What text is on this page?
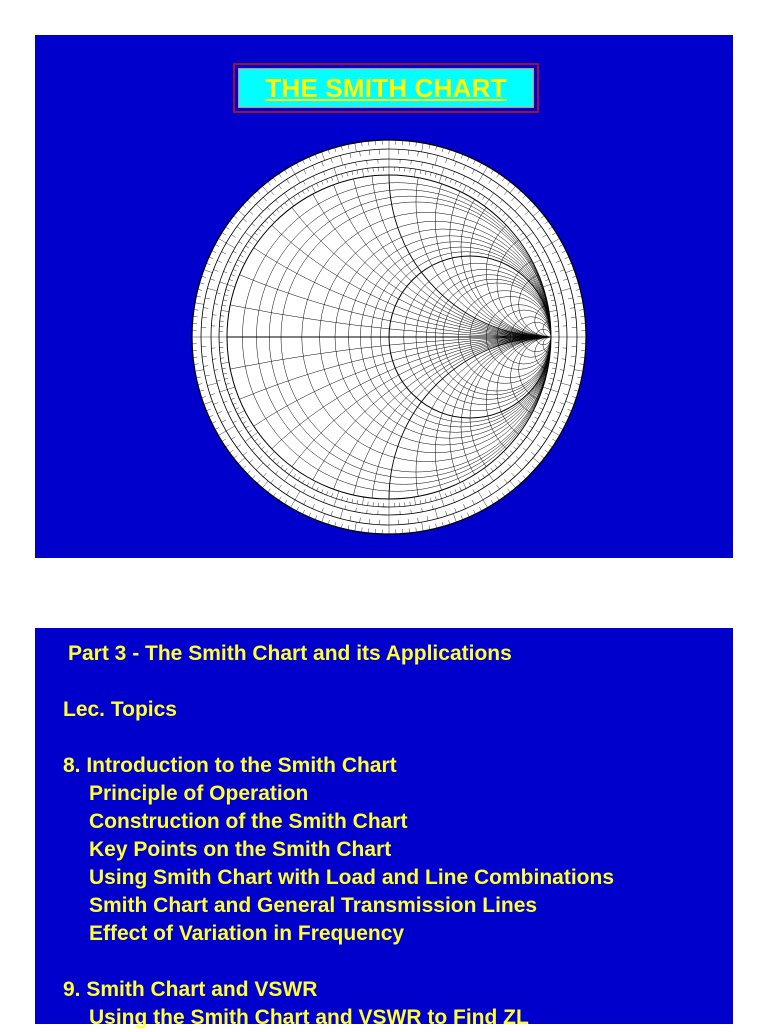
THE SMITH CHART
Part 3 - The Smith Chart and its Applications
Lec. Topics
8. Introduction to the Smith Chart
Principle of Operation
Construction of the Smith Chart
Key Points on the Smith Chart
Using Smith Chart with Load and Line Combinations
Smith Chart and General Transmission Lines
Effect of Variation in Frequency
9. Smith Chart and VSWR
Using the Smith Chart and VSWR to Find ZL
